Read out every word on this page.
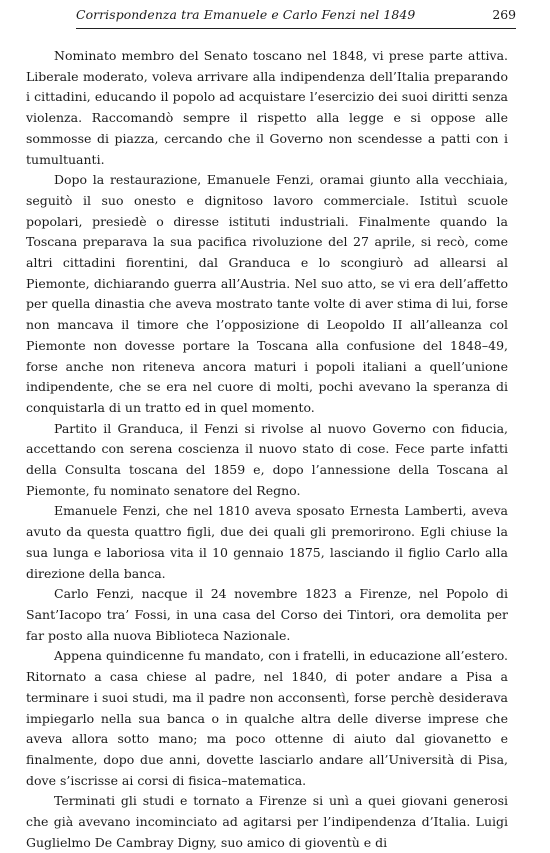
Corrispondenza tra Emanuele e Carlo Fenzi nel 1849	269

Nominato membro del Senato toscano nel 1848, vi prese parte attiva. Liberale moderato, voleva arrivare alla indipendenza dell’Italia preparando i cittadini, educando il popolo ad acquistare l’esercizio dei suoi diritti senza violenza. Raccomandò sempre il rispetto alla legge e si oppose alle sommosse di piazza, cercando che il Governo non scendesse a patti con i tumultuanti.

Dopo la restaurazione, Emanuele Fenzi, oramai giunto alla vecchiaia, seguitò il suo onesto e dignitoso lavoro commerciale. Istituì scuole popolari, presiedè o diresse istituti industriali. Finalmente quando la Toscana preparava la sua pacifica rivoluzione del 27 aprile, si recò, come altri cittadini fiorentini, dal Granduca e lo scongiurò ad allearsi al Piemonte, dichiarando guerra all’Austria. Nel suo atto, se vi era dell’affetto per quella dinastia che aveva mostrato tante volte di aver stima di lui, forse non mancava il timore che l’opposizione di Leopoldo II all’alleanza col Piemonte non dovesse portare la Toscana alla confusione del 1848–49, forse anche non riteneva ancora maturi i popoli italiani a quell’unione indipendente, che se era nel cuore di molti, pochi avevano la speranza di conquistarla di un tratto ed in quel momento.

Partito il Granduca, il Fenzi si rivolse al nuovo Governo con fiducia, accettando con serena coscienza il nuovo stato di cose. Fece parte infatti della Consulta toscana del 1859 e, dopo l’annessione della Toscana al Piemonte, fu nominato senatore del Regno.

Emanuele Fenzi, che nel 1810 aveva sposato Ernesta Lamberti, aveva avuto da questa quattro figli, due dei quali gli premorirono. Egli chiuse la sua lunga e laboriosa vita il 10 gennaio 1875, lasciando il figlio Carlo alla direzione della banca.

Carlo Fenzi, nacque il 24 novembre 1823 a Firenze, nel Popolo di Sant’Iacopo tra’ Fossi, in una casa del Corso dei Tintori, ora demolita per far posto alla nuova Biblioteca Nazionale.

Appena quindicenne fu mandato, con i fratelli, in educazione all’estero. Ritornato a casa chiese al padre, nel 1840, di poter andare a Pisa a terminare i suoi studi, ma il padre non acconsentì, forse perchè desiderava impiegarlo nella sua banca o in qualche altra delle diverse imprese che aveva allora sotto mano; ma poco ottenne di aiuto dal giovanetto e finalmente, dopo due anni, dovette lasciarlo andare all’Università di Pisa, dove s’iscrisse ai corsi di fisica–matematica.

Terminati gli studi e tornato a Firenze si unì a quei giovani generosi che già avevano incominciato ad agitarsi per l’indipendenza d’Italia. Luigi Guglielmo De Cambray Digny, suo amico di gioventù e di
